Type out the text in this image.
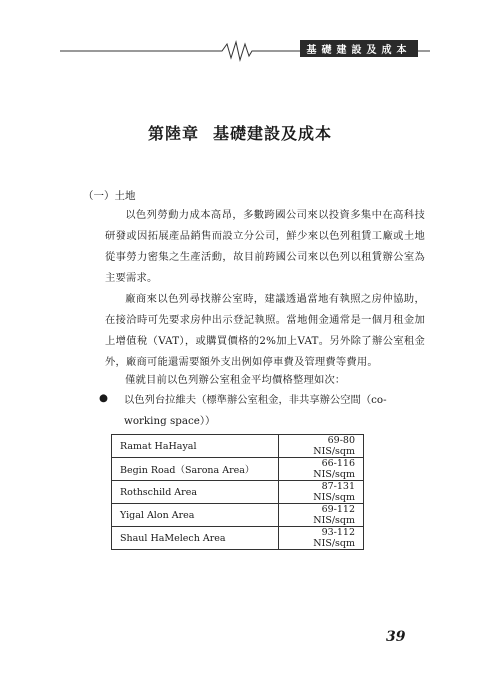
基礎建設及成本
第陸章 基礎建設及成本
（一）土地
以色列勞動力成本高昂，多數跨國公司來以投資多集中在高科技研發或因拓展產品銷售而設立分公司，鮮少來以色列租賃工廠或土地從事勞力密集之生產活動，故目前跨國公司來以色列以租賃辦公室為主要需求。
廠商來以色列尋找辦公室時，建議透過當地有執照之房仲協助，在接洽時可先要求房仲出示登記執照。當地佣金通常是一個月租金加上增值稅（VAT），或購買價格的2%加上VAT。另外除了辦公室租金外，廠商可能還需要額外支出例如停車費及管理費等費用。
僅就目前以色列辦公室租金平均價格整理如次：
● 以色列台拉維夫（標準辦公室租金，非共享辦公空間（co-working space））
Ramat HaHayal	69-80 NIS/sqm
Begin Road（Sarona Area）	66-116 NIS/sqm
Rothschild Area	87-131 NIS/sqm
Yigal Alon Area	69-112 NIS/sqm
Shaul HaMelech Area	93-112 NIS/sqm
39
